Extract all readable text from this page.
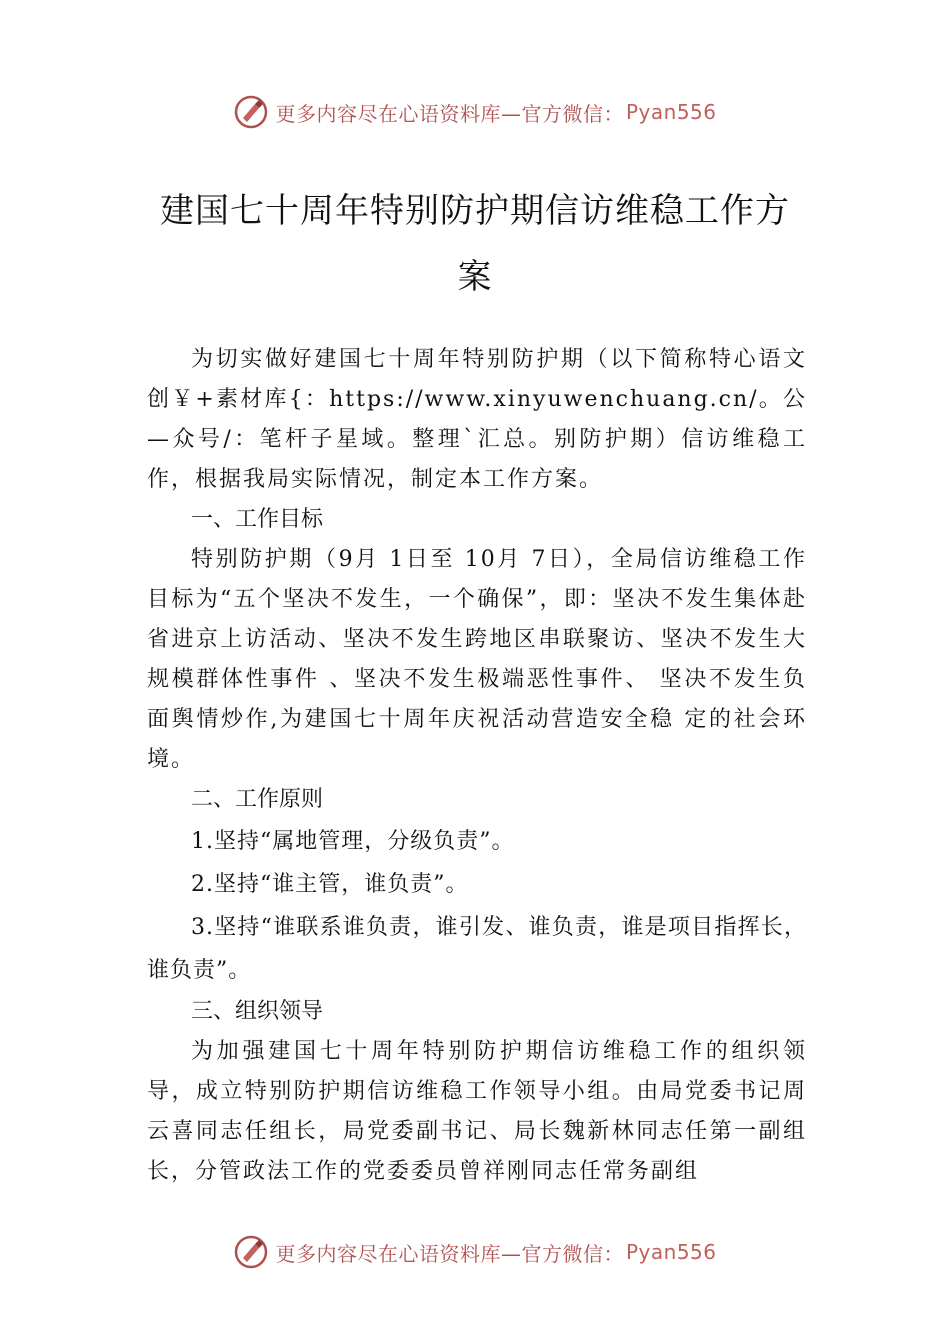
更多内容尽在心语资料库—官方微信： Pyan556
建国七十周年特别防护期信访维稳工作方案

为切实做好建国七十周年特别防护期（以下简称特心语文创￥+素材库{：https://www.xinyuwenchuang.cn/。公—众号/：笔杆子星域。整理`汇总。别防护期）信访维稳工作，根据我局实际情况，制定本工作方案。

一、工作目标

特别防护期（9月 1日至 10月 7日），全局信访维稳工作目标为“五个坚决不发生，一个确保”，即：坚决不发生集体赴省进京上访活动、坚决不发生跨地区串联聚访、坚决不发生大规模群体性事件 、坚决不发生极端恶性事件、 坚决不发生负面舆情炒作,为建国七十周年庆祝活动营造安全稳 定的社会环境。

二、工作原则

1.坚持“属地管理，分级负责”。

2.坚持“谁主管，谁负责”。

3.坚持“谁联系谁负责，谁引发、谁负责，谁是项目指挥长，谁负责”。

三、组织领导

为加强建国七十周年特别防护期信访维稳工作的组织领导，成立特别防护期信访维稳工作领导小组。由局党委书记周云喜同志任组长，局党委副书记、局长魏新林同志任第一副组长，分管政法工作的党委委员曾祥刚同志任常务副组

更多内容尽在心语资料库—官方微信： Pyan556
